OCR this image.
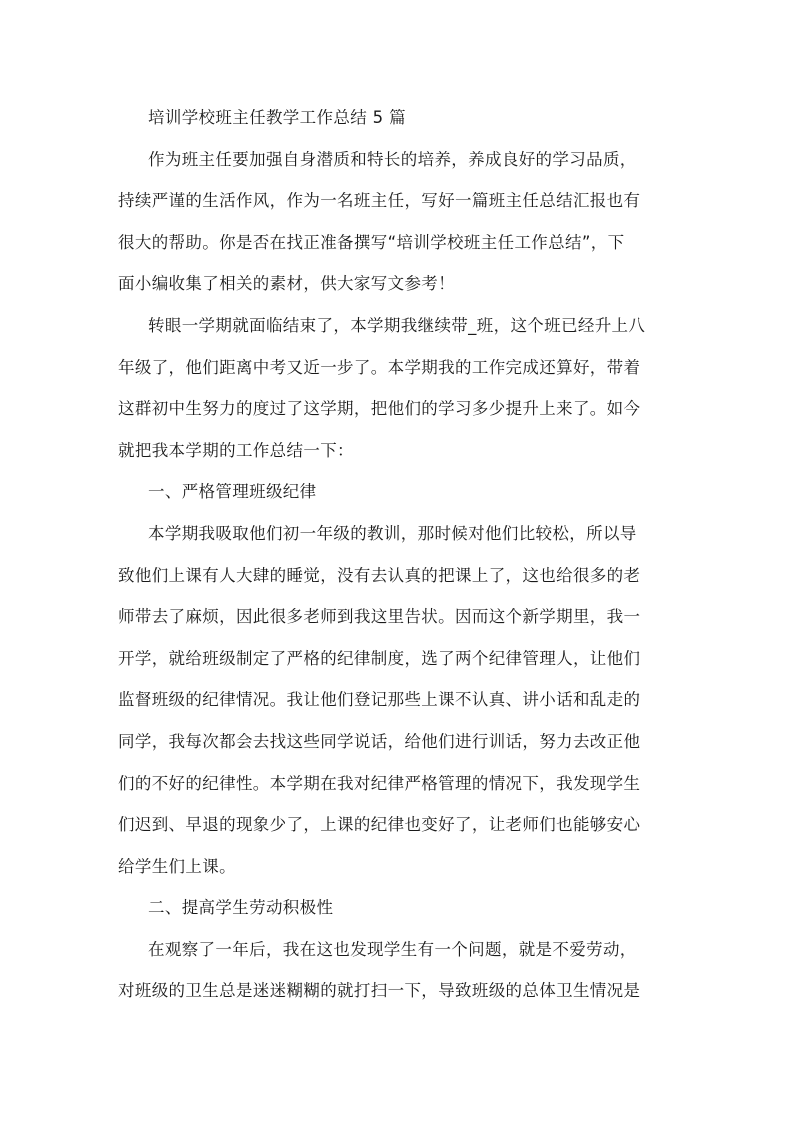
培训学校班主任教学工作总结 5 篇
作为班主任要加强自身潜质和特长的培养，养成良好的学习品质，
持续严谨的生活作风，作为一名班主任，写好一篇班主任总结汇报也有
很大的帮助。你是否在找正准备撰写“培训学校班主任工作总结”，下
面小编收集了相关的素材，供大家写文参考！
转眼一学期就面临结束了，本学期我继续带_班，这个班已经升上八
年级了，他们距离中考又近一步了。本学期我的工作完成还算好，带着
这群初中生努力的度过了这学期，把他们的学习多少提升上来了。如今
就把我本学期的工作总结一下：
一、严格管理班级纪律
本学期我吸取他们初一年级的教训，那时候对他们比较松，所以导
致他们上课有人大肆的睡觉，没有去认真的把课上了，这也给很多的老
师带去了麻烦，因此很多老师到我这里告状。因而这个新学期里，我一
开学，就给班级制定了严格的纪律制度，选了两个纪律管理人，让他们
监督班级的纪律情况。我让他们登记那些上课不认真、讲小话和乱走的
同学，我每次都会去找这些同学说话，给他们进行训话，努力去改正他
们的不好的纪律性。本学期在我对纪律严格管理的情况下，我发现学生
们迟到、早退的现象少了，上课的纪律也变好了，让老师们也能够安心
给学生们上课。
二、提高学生劳动积极性
在观察了一年后，我在这也发现学生有一个问题，就是不爱劳动，
对班级的卫生总是迷迷糊糊的就打扫一下，导致班级的总体卫生情况是
